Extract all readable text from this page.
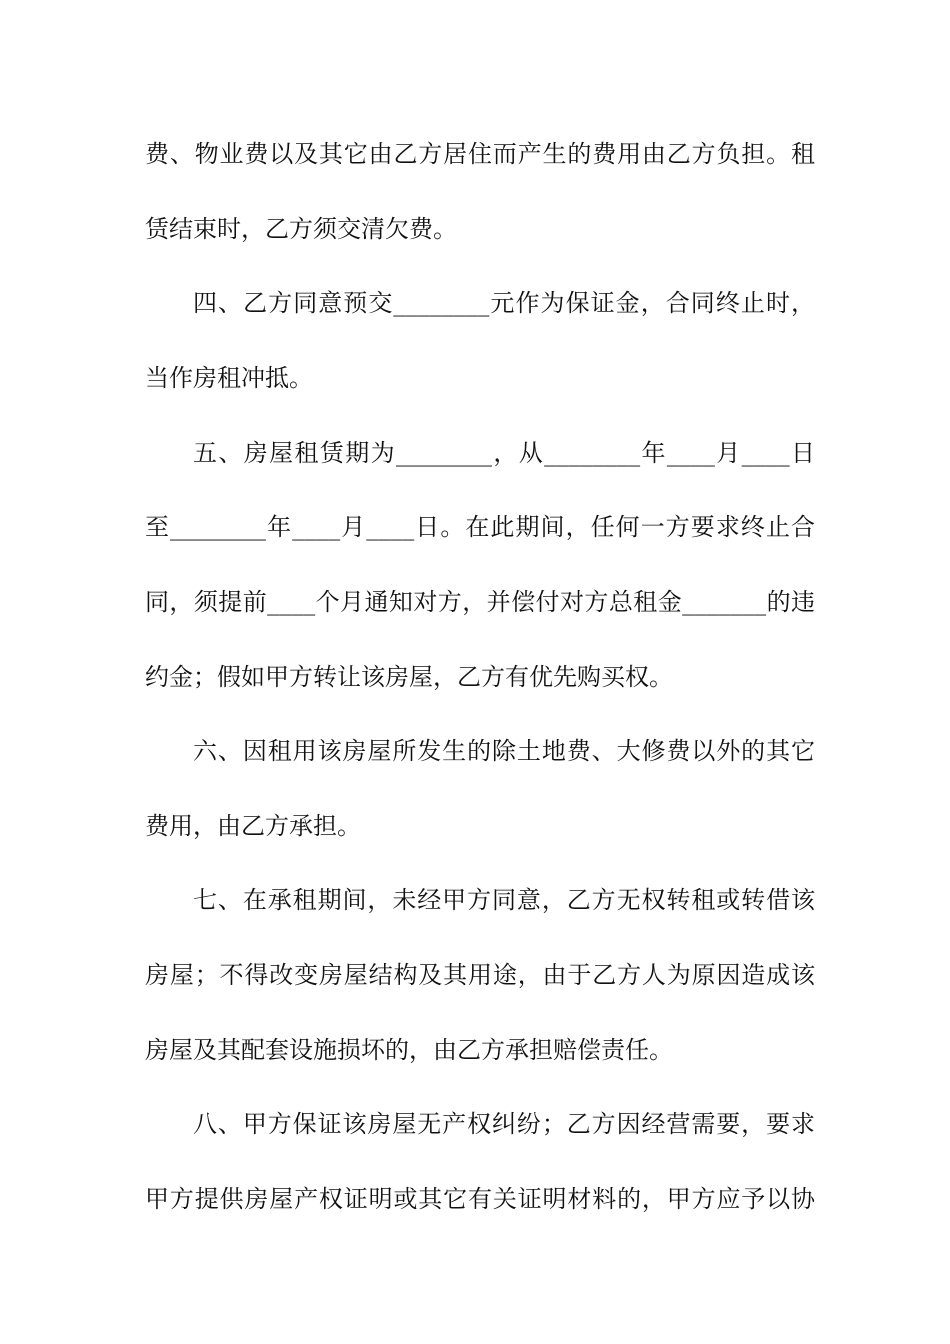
费、物业费以及其它由乙方居住而产生的费用由乙方负担。租
赁结束时，乙方须交清欠费。
四、乙方同意预交________元作为保证金，合同终止时，
当作房租冲抵。
五、房屋租赁期为________，从________年____月____日
至________年____月____日。在此期间，任何一方要求终止合
同，须提前____个月通知对方，并偿付对方总租金_______的违
约金；假如甲方转让该房屋，乙方有优先购买权。
六、因租用该房屋所发生的除土地费、大修费以外的其它
费用，由乙方承担。
七、在承租期间，未经甲方同意，乙方无权转租或转借该
房屋；不得改变房屋结构及其用途，由于乙方人为原因造成该
房屋及其配套设施损坏的，由乙方承担赔偿责任。
八、甲方保证该房屋无产权纠纷；乙方因经营需要，要求
甲方提供房屋产权证明或其它有关证明材料的，甲方应予以协
